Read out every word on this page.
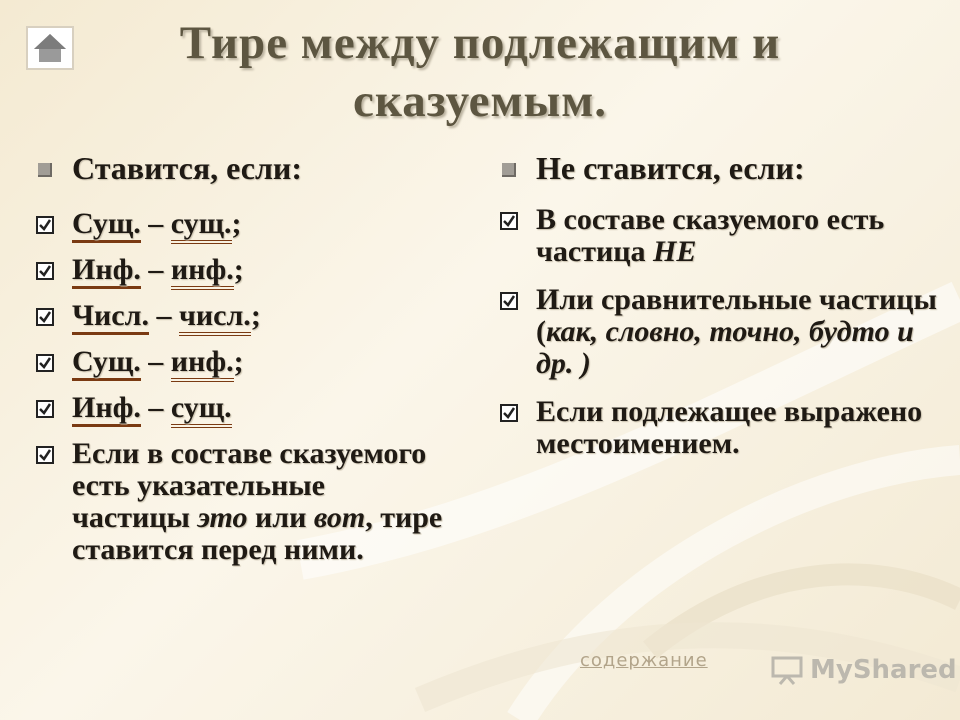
Тире между подлежащим и сказуемым.
Ставится, если:
Сущ. – сущ.;
Инф. – инф.;
Числ. – числ.;
Сущ. – инф.;
Инф. – сущ.
Если в составе сказуемого есть указательные частицы это или вот, тире ставится перед ними.
Не ставится, если:
В составе сказуемого есть частица НЕ
Или сравнительные частицы (как, словно, точно, будто и др. )
Если подлежащее выражено местоимением.
содержание	MyShared
